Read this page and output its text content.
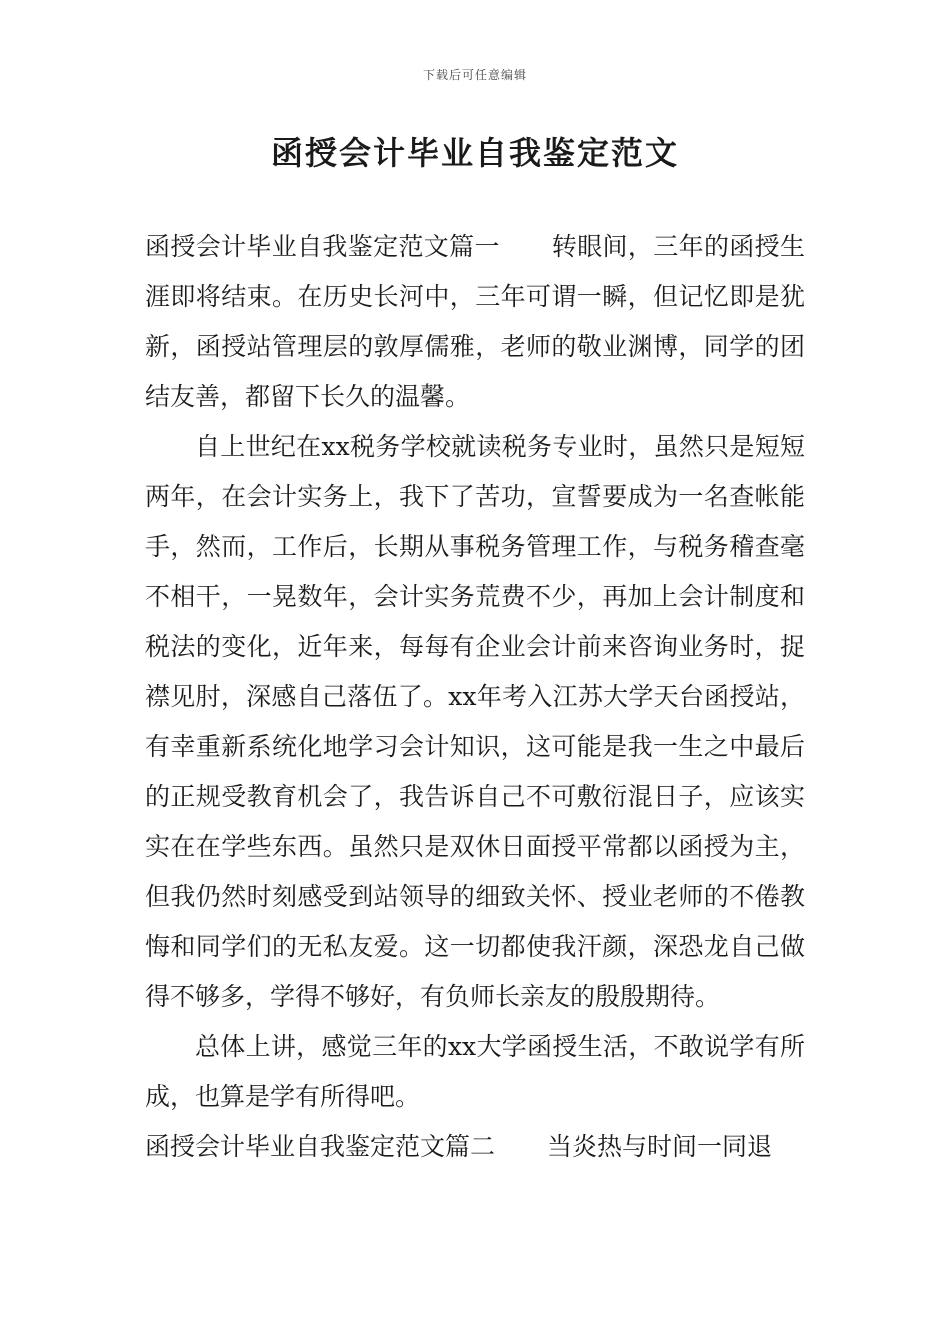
下载后可任意编辑
函授会计毕业自我鉴定范文

函授会计毕业自我鉴定范文篇一 转眼间，三年的函授生涯即将结束。在历史长河中，三年可谓一瞬，但记忆即是犹新，函授站管理层的敦厚儒雅，老师的敬业渊博，同学的团结友善，都留下长久的温馨。

自上世纪在xx税务学校就读税务专业时，虽然只是短短两年，在会计实务上，我下了苦功，宣誓要成为一名查帐能手，然而，工作后，长期从事税务管理工作，与税务稽查毫不相干，一晃数年，会计实务荒费不少，再加上会计制度和税法的变化，近年来，每每有企业会计前来咨询业务时，捉襟见肘，深感自己落伍了。xx年考入江苏大学天台函授站，有幸重新系统化地学习会计知识，这可能是我一生之中最后的正规受教育机会了，我告诉自己不可敷衍混日子，应该实实在在学些东西。虽然只是双休日面授平常都以函授为主，但我仍然时刻感受到站领导的细致关怀、授业老师的不倦教悔和同学们的无私友爱。这一切都使我汗颜，深恐龙自己做得不够多，学得不够好，有负师长亲友的殷殷期待。

总体上讲，感觉三年的xx大学函授生活，不敢说学有所成，也算是学有所得吧。

函授会计毕业自我鉴定范文篇二 当炎热与时间一同退
